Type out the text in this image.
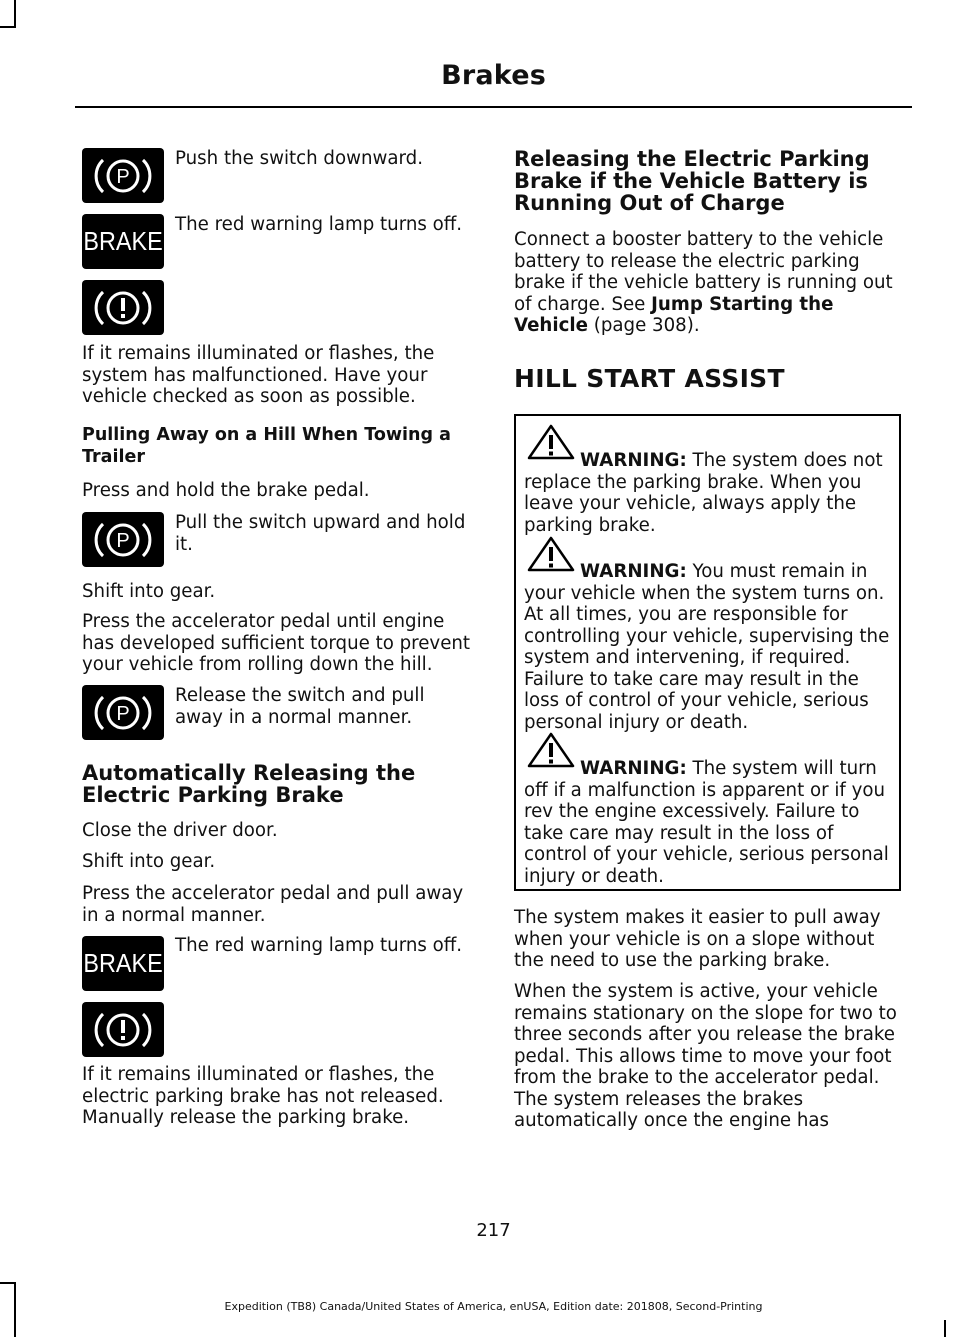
Brakes
P

Push the switch downward.

BRAKE

The red warning lamp turns off.

If it remains illuminated or flashes, the system has malfunctioned. Have your vehicle checked as soon as possible.

Pulling Away on a Hill When Towing a Trailer

Press and hold the brake pedal.

P

Pull the switch upward and hold it.

Shift into gear.

Press the accelerator pedal until engine has developed sufficient torque to prevent your vehicle from rolling down the hill.

P

Release the switch and pull away in a normal manner.

Automatically Releasing the Electric Parking Brake

Close the driver door.

Shift into gear.

Press the accelerator pedal and pull away in a normal manner.

BRAKE

The red warning lamp turns off.

If it remains illuminated or flashes, the electric parking brake has not released. Manually release the parking brake.

Releasing the Electric Parking Brake if the Vehicle Battery is Running Out of Charge

Connect a booster battery to the vehicle battery to release the electric parking brake if the vehicle battery is running out of charge. See Jump Starting the Vehicle (page 308).

HILL START ASSIST

WARNING: The system does not replace the parking brake. When you leave your vehicle, always apply the parking brake.

WARNING: You must remain in your vehicle when the system turns on. At all times, you are responsible for controlling your vehicle, supervising the system and intervening, if required. Failure to take care may result in the loss of control of your vehicle, serious personal injury or death.

WARNING: The system will turn off if a malfunction is apparent or if you rev the engine excessively. Failure to take care may result in the loss of control of your vehicle, serious personal injury or death.

The system makes it easier to pull away when your vehicle is on a slope without the need to use the parking brake.

When the system is active, your vehicle remains stationary on the slope for two to three seconds after you release the brake pedal. This allows time to move your foot from the brake to the accelerator pedal. The system releases the brakes automatically once the engine has

217
Expedition (TB8) Canada/United States of America, enUSA, Edition date: 201808, Second-Printing
